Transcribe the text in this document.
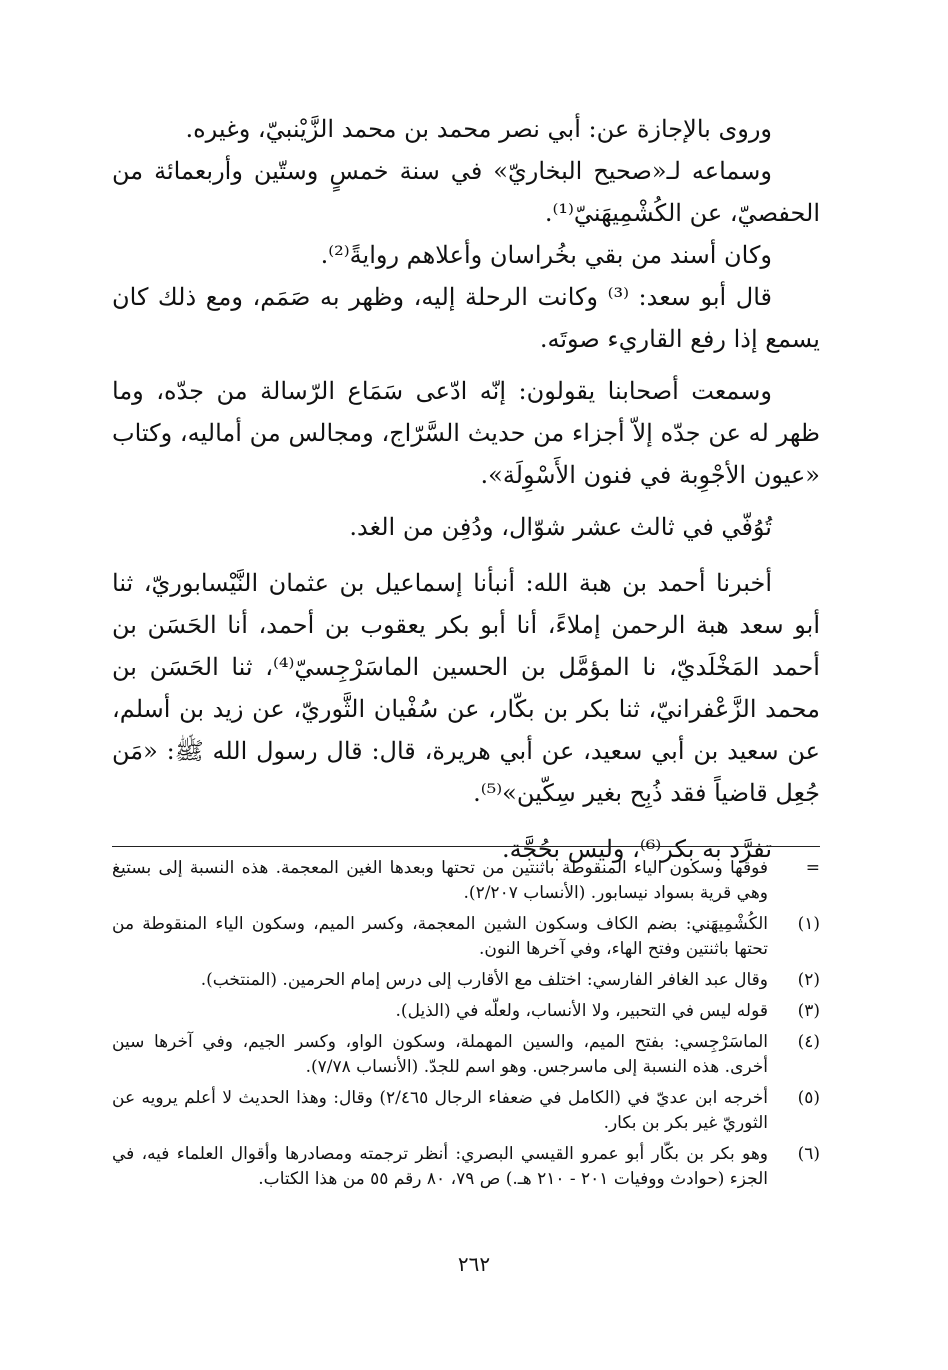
وروى بالإجازة عن: أبي نصر محمد بن محمد الزَّيْنبيّ، وغيره.

وسماعه لـ«صحيح البخاريّ» في سنة خمسٍ وستّين وأربعمائة من الحفصيّ، عن الكُشْمِيهَنيّ⁽¹⁾.

وكان أسند من بقي بخُراسان وأعلاهم روايةً⁽²⁾.

قال أبو سعد: ⁽³⁾ وكانت الرحلة إليه، وظهر به صَمَم، ومع ذلك كان يسمع إذا رفع القاريء صوتَه.

وسمعت أصحابنا يقولون: إنّه ادّعى سَمَاع الرّسالة من جدّه، وما ظهر له عن جدّه إلاّ أجزاء من حديث السَّرّاج، ومجالس من أماليه، وكتاب «عيون الأجْوِبة في فنون الأَسْوِلَة».

تُوُفّي في ثالث عشر شوّال، ودُفِن من الغد.

أخبرنا أحمد بن هبة الله: أنبأنا إسماعيل بن عثمان النَّيْسابوريّ، ثنا أبو سعد هبة الرحمن إملاءً، أنا أبو بكر يعقوب بن أحمد، أنا الحَسَن بن أحمد المَخْلَديّ، نا المؤمَّل بن الحسين الماسَرْجِسيّ⁽⁴⁾، ثنا الحَسَن بن محمد الزَّعْفرانيّ، ثنا بكر بن بكّار، عن سُفْيان الثَّوريّ، عن زيد بن أسلم، عن سعيد بن أبي سعيد، عن أبي هريرة، قال: قال رسول الله ﷺ: «مَن جُعِل قاضياً فقد ذُبِح بغير سِكّين»⁽⁵⁾.

تفرَّد به بكر⁽⁶⁾، وليس بحُجَّة.

=
فوقها وسكون الياء المنقوطة باثنتين من تحتها وبعدها الغين المعجمة. هذه النسبة إلى بستيغ وهي قرية بسواد نيسابور. (الأنساب ٢/٢٠٧).
(١)
الكُشْمِيهَني: بضم الكاف وسكون الشين المعجمة، وكسر الميم، وسكون الياء المنقوطة من تحتها باثنتين وفتح الهاء، وفي آخرها النون.
(٢)
وقال عبد الغافر الفارسي: اختلف مع الأقارب إلى درس إمام الحرمين. (المنتخب).
(٣)
قوله ليس في التحبير، ولا الأنساب، ولعلّه في (الذيل).
(٤)
الماسَرْجِسي: بفتح الميم، والسين المهملة، وسكون الواو، وكسر الجيم، وفي آخرها سين أخرى. هذه النسبة إلى ماسرجس. وهو اسم للجدّ. (الأنساب ٧/٧٨).
(٥)
أخرجه ابن عديّ في (الكامل في ضعفاء الرجال ٢/٤٦٥) وقال: وهذا الحديث لا أعلم يرويه عن الثوريّ غير بكر بن بكار.
(٦)
وهو بكر بن بكّار أبو عمرو القيسي البصري: أنظر ترجمته ومصادرها وأقوال العلماء فيه، في الجزء (حوادث ووفيات ٢٠١ - ٢١٠ هـ.) ص ٧٩، ٨٠ رقم ٥٥ من هذا الكتاب.
٢٦٢
